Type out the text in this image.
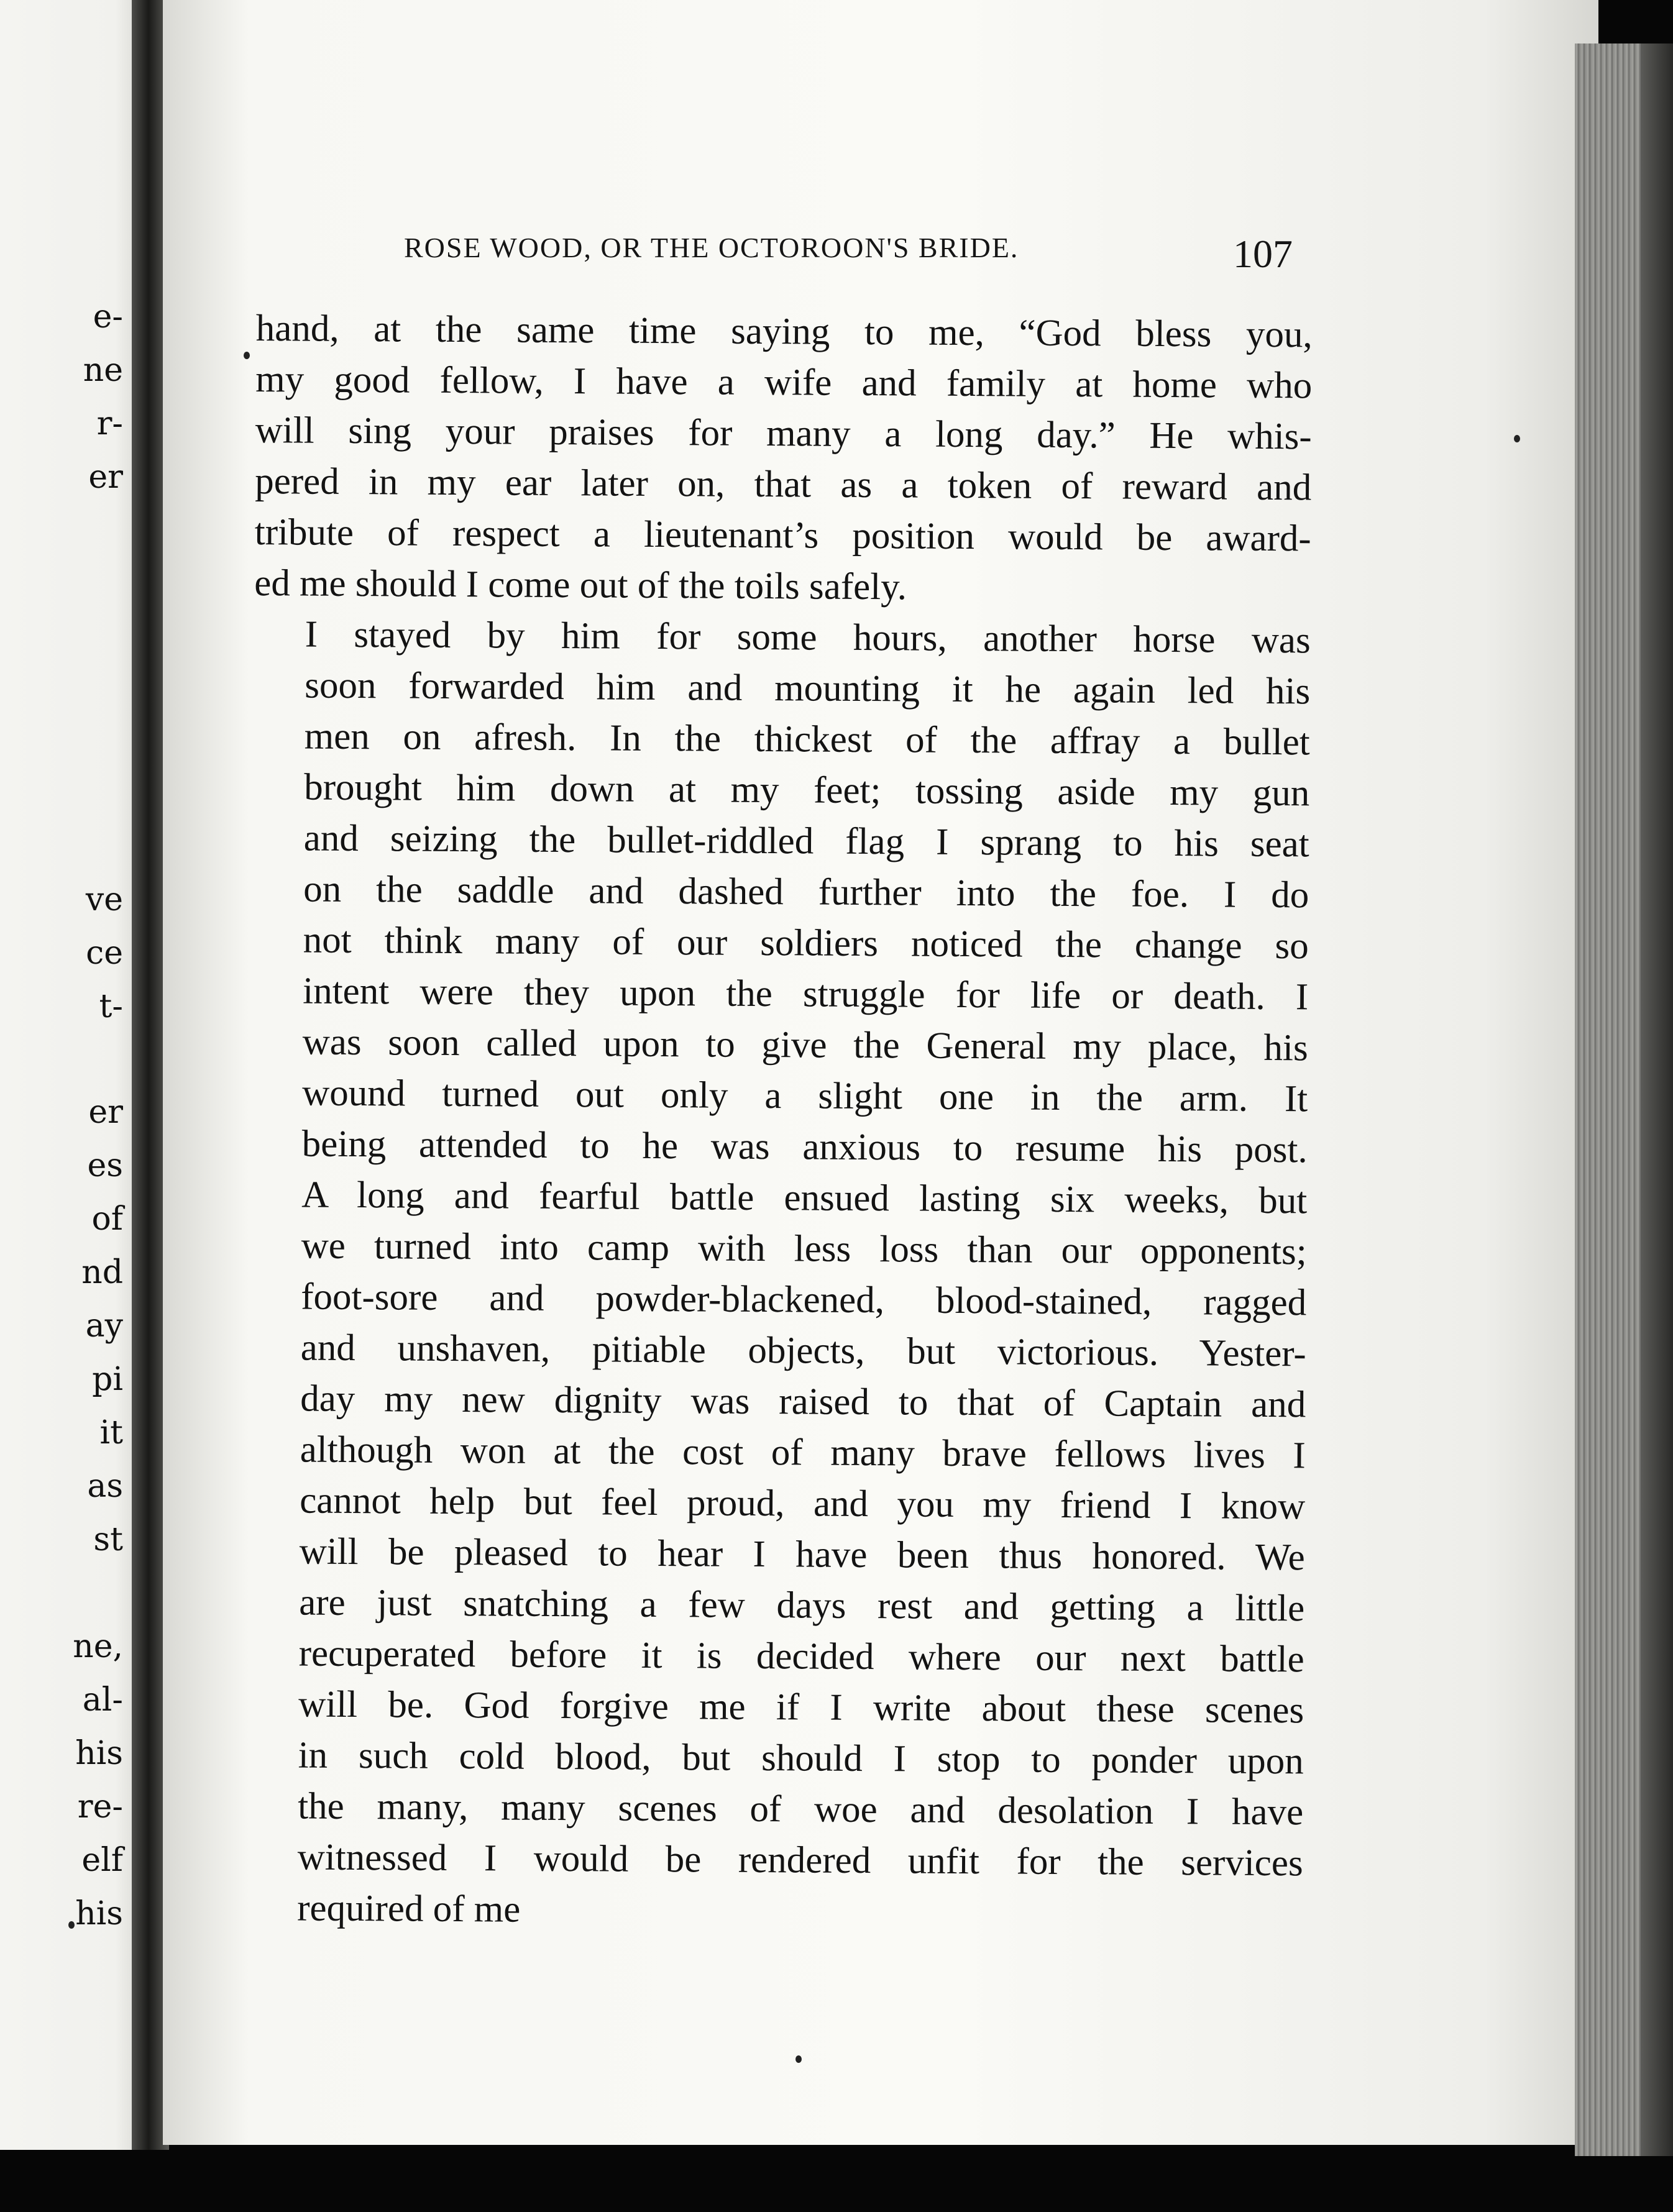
e-
ne
r-
er
ve
ce
t-
er
es
of
nd
ay
pi
it
as
st
ne,
al-
his
re-
elf
his
ROSE WOOD, OR THE OCTOROON'S BRIDE.	107

hand, at the same time saying to me, “God bless you,
my good fellow, I have a wife and family at home who
will sing your praises for many a long day.” He whis-
pered in my ear later on, that as a token of reward and
tribute of respect a lieutenant’s position would be award-
ed me should I come out of the toils safely.

I stayed by him for some hours, another horse was
soon forwarded him and mounting it he again led his
men on afresh. In the thickest of the affray a bullet
brought him down at my feet; tossing aside my gun
and seizing the bullet-riddled flag I sprang to his seat
on the saddle and dashed further into the foe. I do
not think many of our soldiers noticed the change so
intent were they upon the struggle for life or death. I
was soon called upon to give the General my place, his
wound turned out only a slight one in the arm. It
being attended to he was anxious to resume his post.
A long and fearful battle ensued lasting six weeks, but
we turned into camp with less loss than our opponents;
foot-sore and powder-blackened, blood-stained, ragged
and unshaven, pitiable objects, but victorious. Yester-
day my new dignity was raised to that of Captain and
although won at the cost of many brave fellows lives I
cannot help but feel proud, and you my friend I know
will be pleased to hear I have been thus honored. We
are just snatching a few days rest and getting a little
recuperated before it is decided where our next battle
will be. God forgive me if I write about these scenes
in such cold blood, but should I stop to ponder upon
the many, many scenes of woe and desolation I have
witnessed I would be rendered unfit for the services
required of me
